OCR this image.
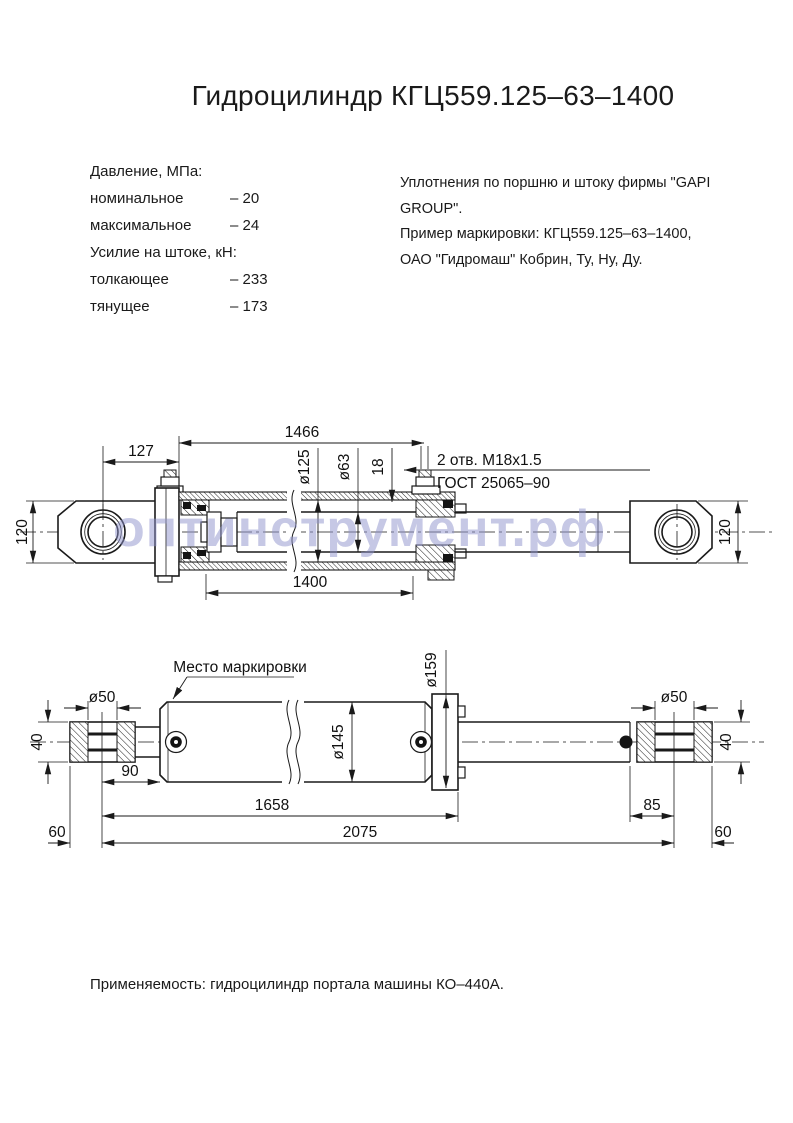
Гидроцилиндр КГЦ559.125–63–1400
Давление, МПа:
номинальное	– 20
максимальное	– 24
Усилие на штоке, кН:
толкающее	– 233
тянущее	– 173
Уплотнения по поршню и штоку фирмы "GAPI GROUP".
Пример маркировки: КГЦ559.125–63–1400,
ОАО "Гидромаш" Кобрин, Ту, Ну, Ду.
127
1466
ø125 ø63 18	2 отв. М18х1.5
ГОСТ 25065–90
1400
120	120
Место маркировки
ø50
40
90
ø145
ø159
ø50
40
1658	85
2075
60	60
оптинструмент.рф
Применяемость: гидроцилиндр портала машины КО–440А.
